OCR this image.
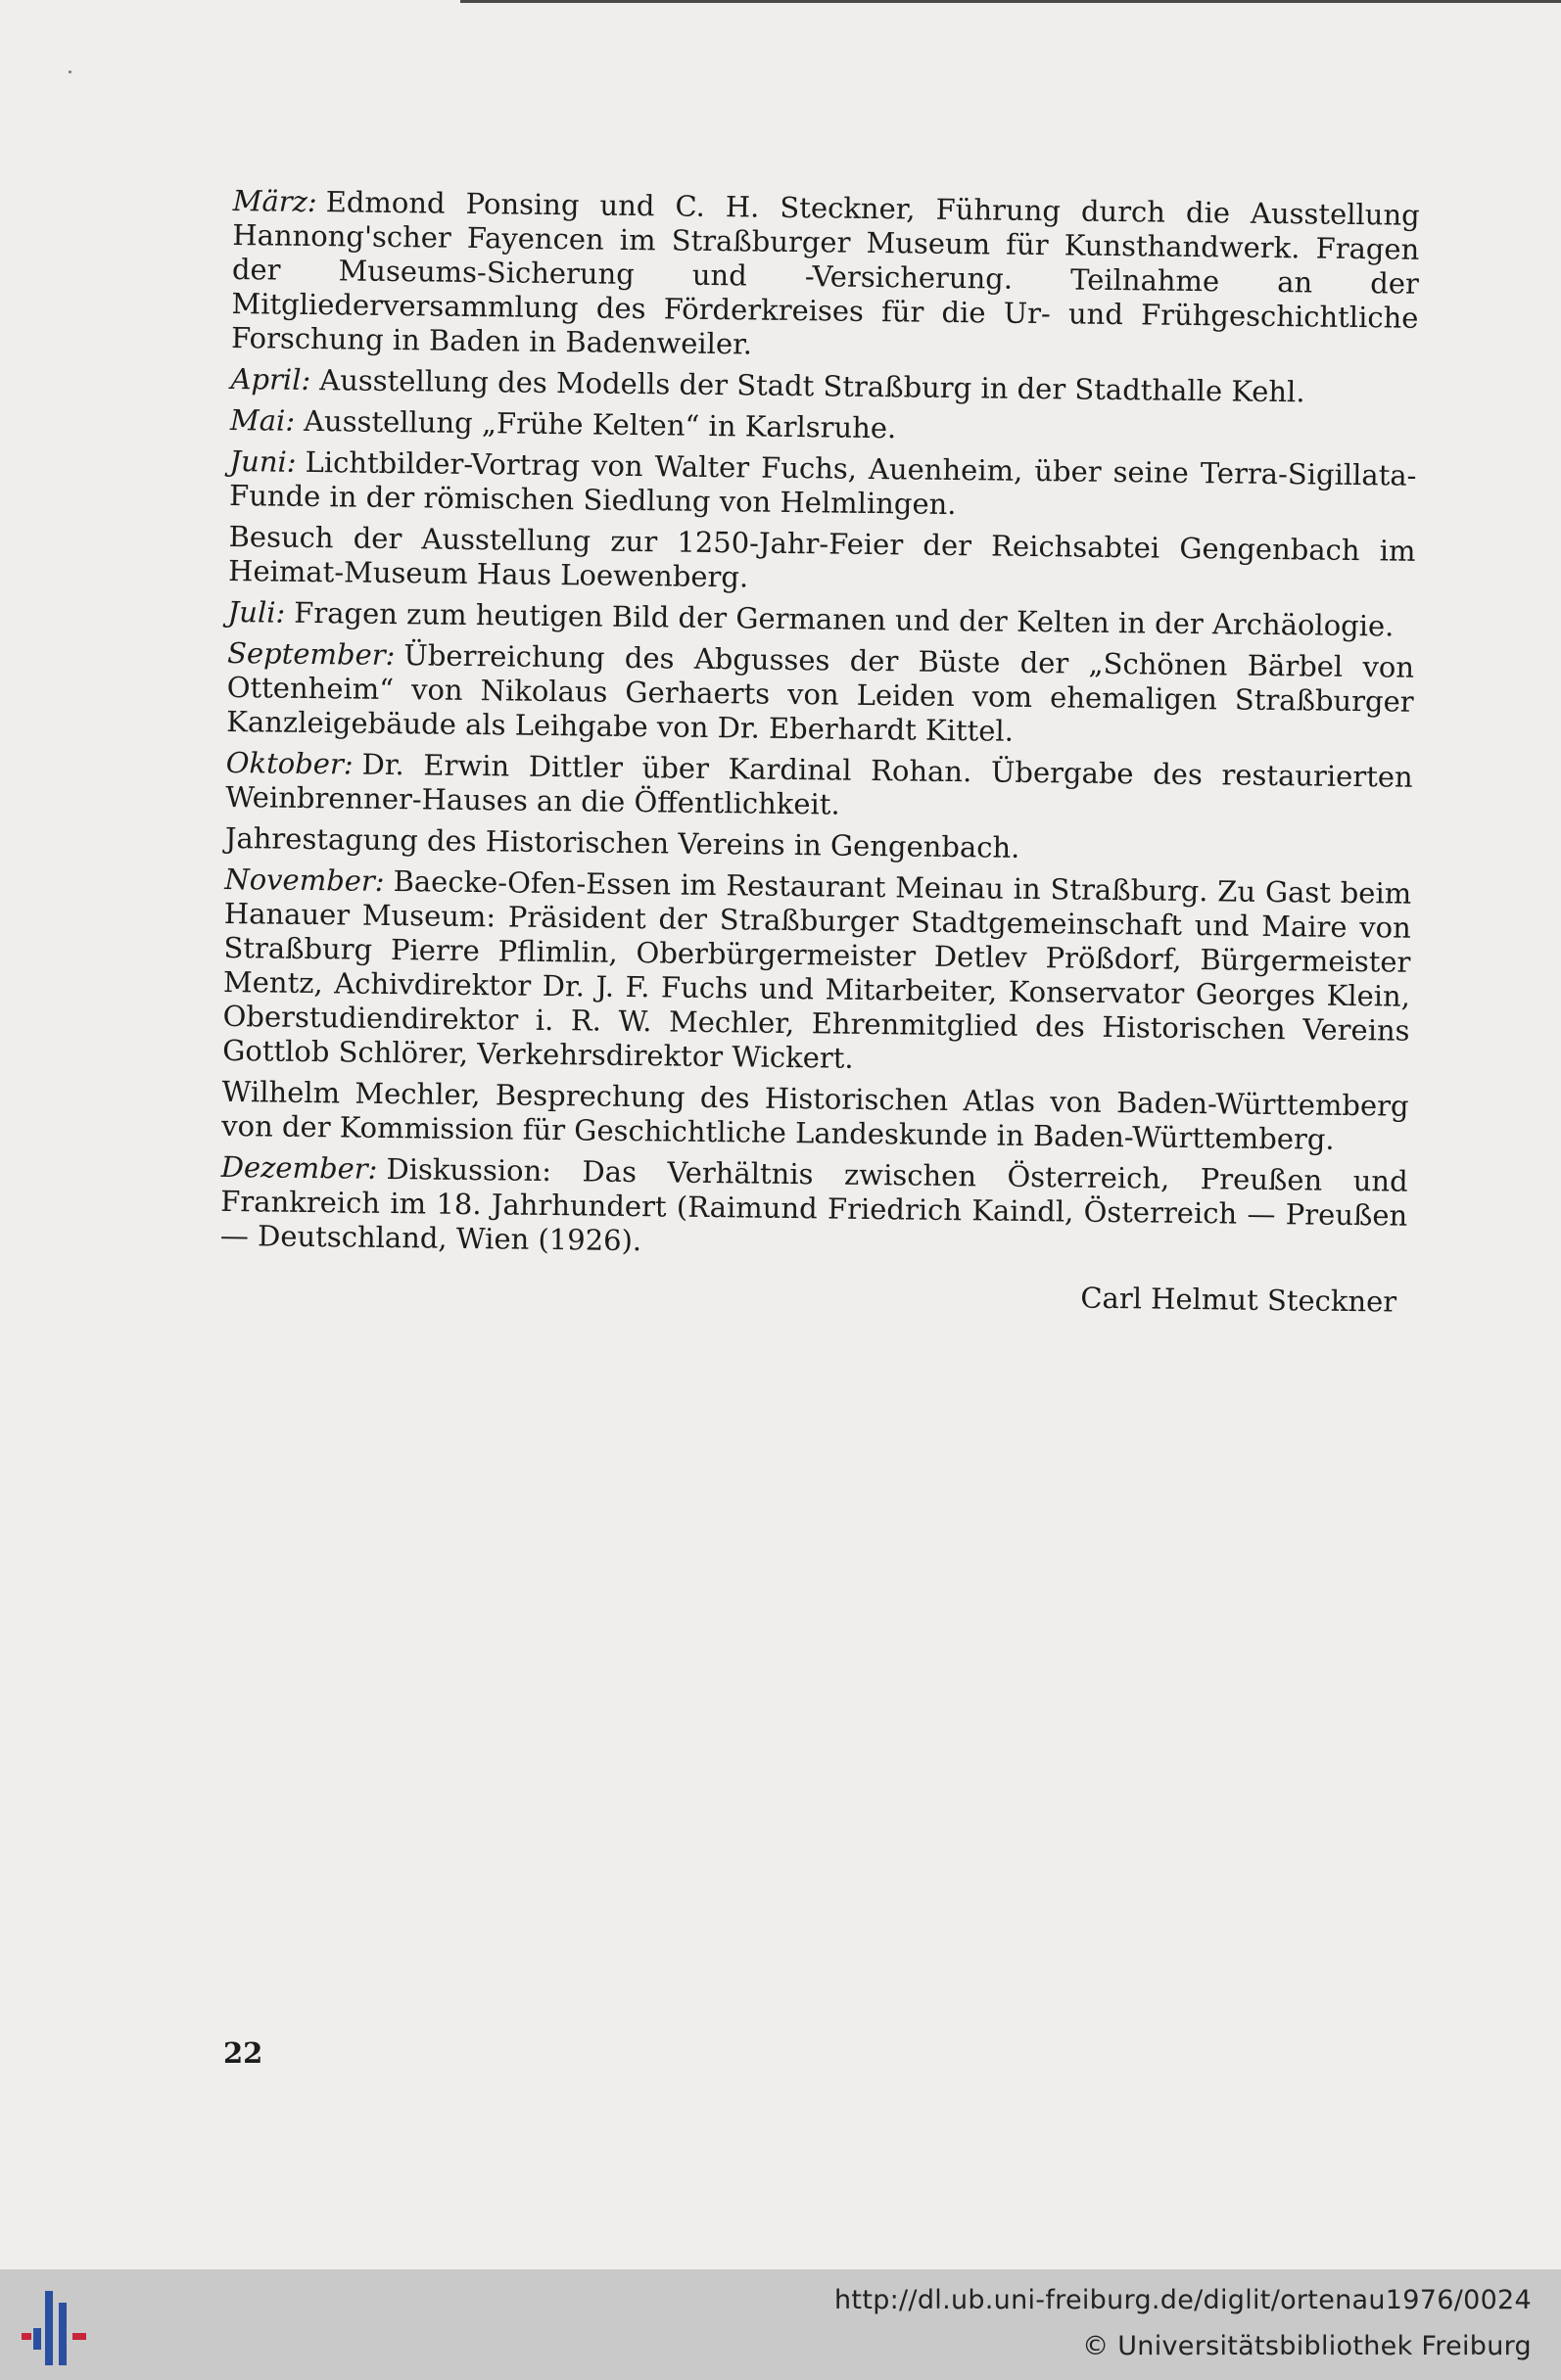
März: Edmond Ponsing und C. H. Steckner, Führung durch die Ausstellung Hannong'scher Fayencen im Straßburger Museum für Kunsthandwerk. Fragen der Museums-Sicherung und -Versicherung. Teilnahme an der Mitgliederversammlung des Förderkreises für die Ur- und Frühgeschichtliche Forschung in Baden in Badenweiler.

April: Ausstellung des Modells der Stadt Straßburg in der Stadthalle Kehl.

Mai: Ausstellung „Frühe Kelten“ in Karlsruhe.

Juni: Lichtbilder-Vortrag von Walter Fuchs, Auenheim, über seine Terra-Sigillata-Funde in der römischen Siedlung von Helmlingen.

Besuch der Ausstellung zur 1250-Jahr-Feier der Reichsabtei Gengenbach im Heimat-Museum Haus Loewenberg.

Juli: Fragen zum heutigen Bild der Germanen und der Kelten in der Archäologie.

September: Überreichung des Abgusses der Büste der „Schönen Bärbel von Ottenheim“ von Nikolaus Gerhaerts von Leiden vom ehemaligen Straßburger Kanzleigebäude als Leihgabe von Dr. Eberhardt Kittel.

Oktober: Dr. Erwin Dittler über Kardinal Rohan. Übergabe des restaurierten Weinbrenner-Hauses an die Öffentlichkeit.

Jahrestagung des Historischen Vereins in Gengenbach.

November: Baecke-Ofen-Essen im Restaurant Meinau in Straßburg. Zu Gast beim Hanauer Museum: Präsident der Straßburger Stadtgemeinschaft und Maire von Straßburg Pierre Pflimlin, Oberbürgermeister Detlev Prößdorf, Bürgermeister Mentz, Achivdirektor Dr. J. F. Fuchs und Mitarbeiter, Konservator Georges Klein, Oberstudiendirektor i. R. W. Mechler, Ehrenmitglied des Historischen Vereins Gottlob Schlörer, Verkehrsdirektor Wickert.

Wilhelm Mechler, Besprechung des Historischen Atlas von Baden-Württemberg von der Kommission für Geschichtliche Landeskunde in Baden-Württemberg.

Dezember: Diskussion: Das Verhältnis zwischen Österreich, Preußen und Frankreich im 18. Jahrhundert (Raimund Friedrich Kaindl, Österreich — Preußen — Deutschland, Wien (1926).

Carl Helmut Steckner
22
http://dl.ub.uni-freiburg.de/diglit/ortenau1976/0024
© Universitätsbibliothek Freiburg
